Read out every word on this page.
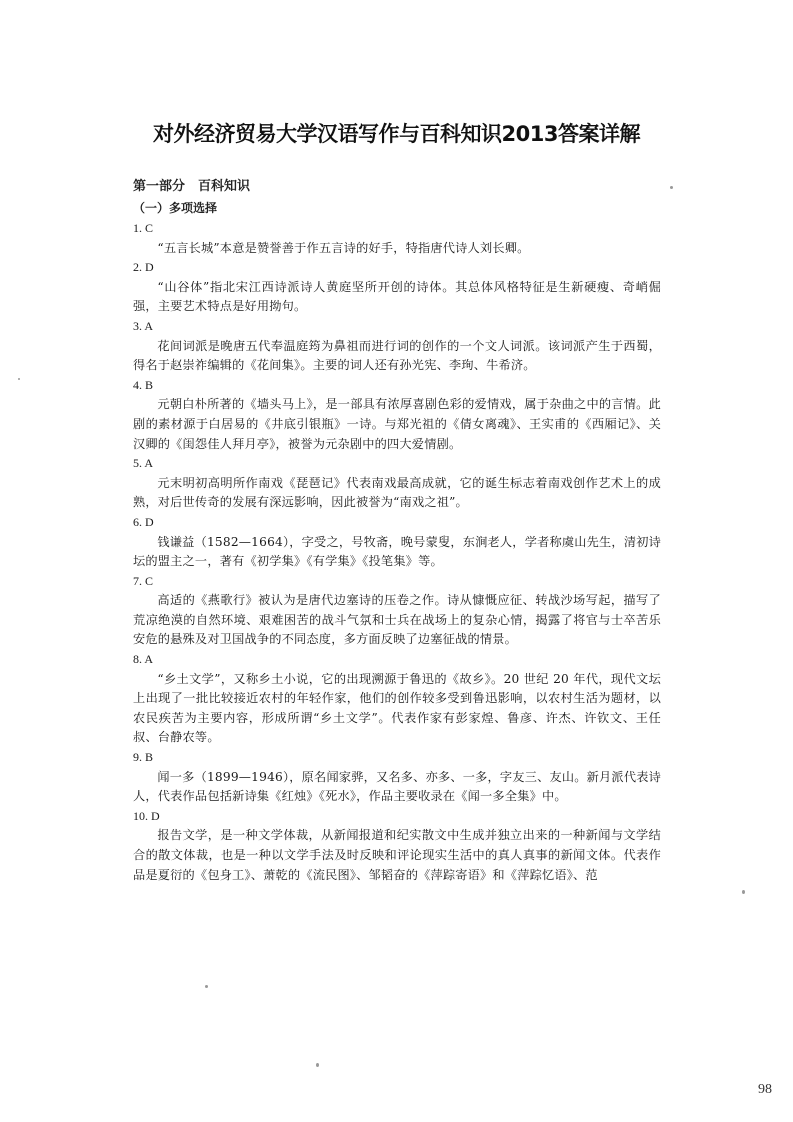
对外经济贸易大学汉语写作与百科知识2013答案详解
第一部分　百科知识
（一）多项选择
1. C
“五言长城”本意是赞誉善于作五言诗的好手，特指唐代诗人刘长卿。
2. D
“山谷体”指北宋江西诗派诗人黄庭坚所开创的诗体。其总体风格特征是生新硬瘦、奇峭倔强，主要艺术特点是好用拗句。
3. A
花间词派是晚唐五代奉温庭筠为鼻祖而进行词的创作的一个文人词派。该词派产生于西蜀，得名于赵崇祚编辑的《花间集》。主要的词人还有孙光宪、李珣、牛希济。
4. B
元朝白朴所著的《墙头马上》，是一部具有浓厚喜剧色彩的爱情戏，属于杂曲之中的言情。此剧的素材源于白居易的《井底引银瓶》一诗。与郑光祖的《倩女离魂》、王实甫的《西厢记》、关汉卿的《闺怨佳人拜月亭》，被誉为元杂剧中的四大爱情剧。
5. A
元末明初高明所作南戏《琵琶记》代表南戏最高成就，它的诞生标志着南戏创作艺术上的成熟，对后世传奇的发展有深远影响，因此被誉为“南戏之祖”。
6. D
钱谦益（1582—1664），字受之，号牧斋，晚号蒙叟，东涧老人，学者称虞山先生，清初诗坛的盟主之一，著有《初学集》《有学集》《投笔集》等。
7. C
高适的《燕歌行》被认为是唐代边塞诗的压卷之作。诗从慷慨应征、转战沙场写起，描写了荒凉绝漠的自然环境、艰难困苦的战斗气氛和士兵在战场上的复杂心情，揭露了将官与士卒苦乐安危的悬殊及对卫国战争的不同态度，多方面反映了边塞征战的情景。
8. A
“乡土文学”，又称乡土小说，它的出现溯源于鲁迅的《故乡》。20 世纪 20 年代，现代文坛上出现了一批比较接近农村的年轻作家，他们的创作较多受到鲁迅影响，以农村生活为题材，以农民疾苦为主要内容，形成所谓“乡土文学”。代表作家有彭家煌、鲁彦、许杰、许钦文、王任叔、台静农等。
9. B
闻一多（1899—1946），原名闻家骅，又名多、亦多、一多，字友三、友山。新月派代表诗人，代表作品包括新诗集《红烛》《死水》，作品主要收录在《闻一多全集》中。
10. D
报告文学，是一种文学体裁，从新闻报道和纪实散文中生成并独立出来的一种新闻与文学结合的散文体裁，也是一种以文学手法及时反映和评论现实生活中的真人真事的新闻文体。代表作品是夏衍的《包身工》、萧乾的《流民图》、邹韬奋的《萍踪寄语》和《萍踪忆语》、范
98
